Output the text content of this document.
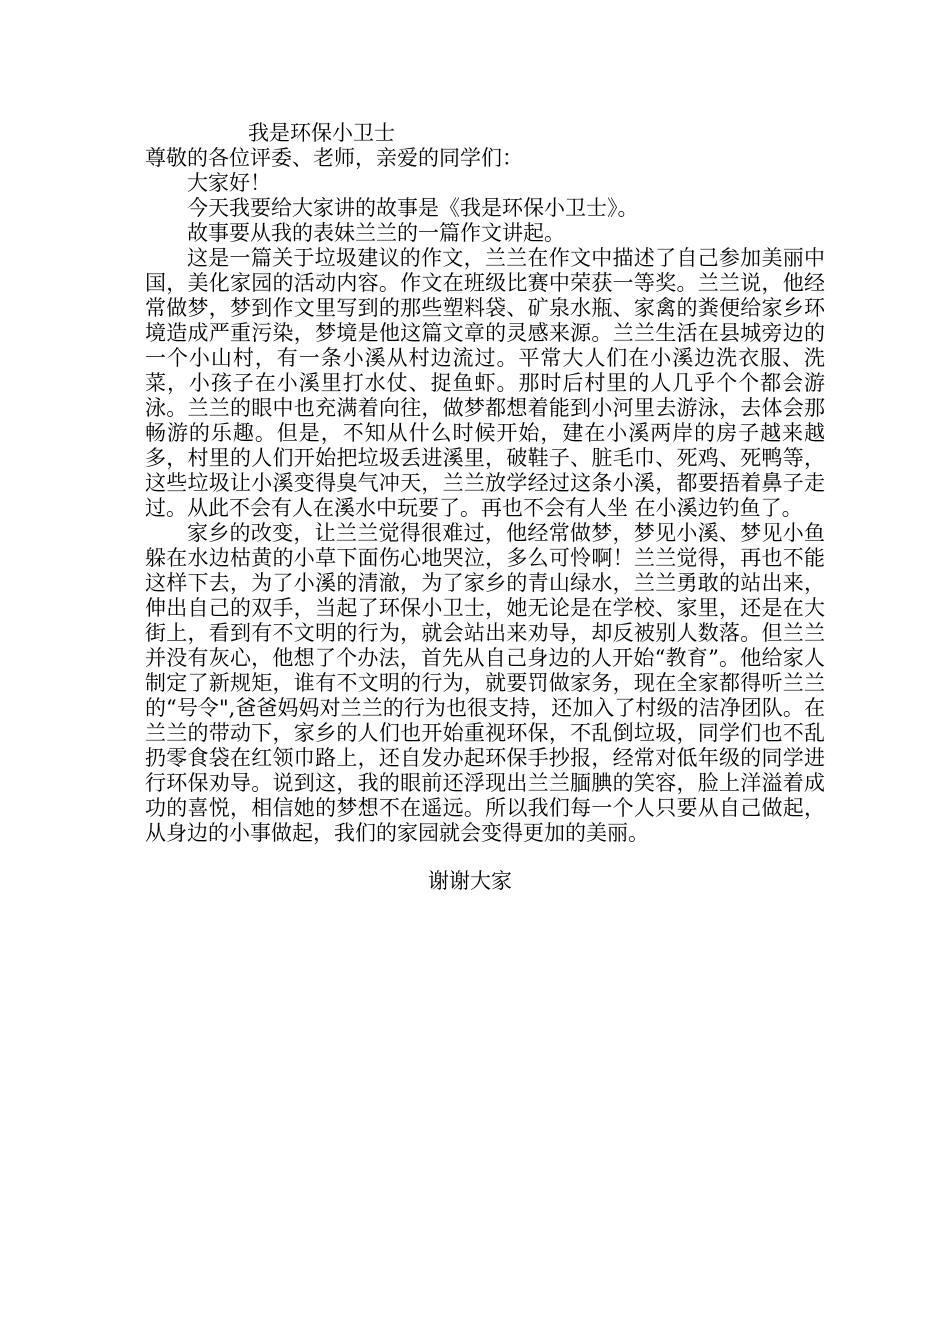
我是环保小卫士

尊敬的各位评委、老师，亲爱的同学们：

大家好！

今天我要给大家讲的故事是《我是环保小卫士》。

故事要从我的表妹兰兰的一篇作文讲起。

这是一篇关于垃圾建议的作文，兰兰在作文中描述了自己参加美丽中国，美化家园的活动内容。作文在班级比赛中荣获一等奖。兰兰说，他经常做梦，梦到作文里写到的那些塑料袋、矿泉水瓶、家禽的粪便给家乡环境造成严重污染，梦境是他这篇文章的灵感来源。兰兰生活在县城旁边的一个小山村，有一条小溪从村边流过。平常大人们在小溪边洗衣服、洗菜，小孩子在小溪里打水仗、捉鱼虾。那时后村里的人几乎个个都会游泳。兰兰的眼中也充满着向往，做梦都想着能到小河里去游泳，去体会那畅游的乐趣。但是，不知从什么时候开始，建在小溪两岸的房子越来越多，村里的人们开始把垃圾丢进溪里，破鞋子、脏毛巾、死鸡、死鸭等，这些垃圾让小溪变得臭气冲天，兰兰放学经过这条小溪，都要捂着鼻子走过。从此不会有人在溪水中玩要了。再也不会有人坐 在小溪边钓鱼了。

家乡的改变，让兰兰觉得很难过，他经常做梦，梦见小溪、梦见小鱼躲在水边枯黄的小草下面伤心地哭泣，多么可怜啊！兰兰觉得，再也不能这样下去，为了小溪的清澈，为了家乡的青山绿水，兰兰勇敢的站出来，伸出自己的双手，当起了环保小卫士，她无论是在学校、家里，还是在大街上，看到有不文明的行为，就会站出来劝导，却反被别人数落。但兰兰并没有灰心，他想了个办法，首先从自己身边的人开始“教育”。他给家人制定了新规矩，谁有不文明的行为，就要罚做家务，现在全家都得听兰兰的“号令",爸爸妈妈对兰兰的行为也很支持，还加入了村级的洁净团队。在兰兰的带动下，家乡的人们也开始重视环保，不乱倒垃圾，同学们也不乱扔零食袋在红领巾路上，还自发办起环保手抄报，经常对低年级的同学进行环保劝导。说到这，我的眼前还浮现出兰兰腼腆的笑容，脸上洋溢着成功的喜悦，相信她的梦想不在遥远。所以我们每一个人只要从自己做起，从身边的小事做起，我们的家园就会变得更加的美丽。

谢谢大家
